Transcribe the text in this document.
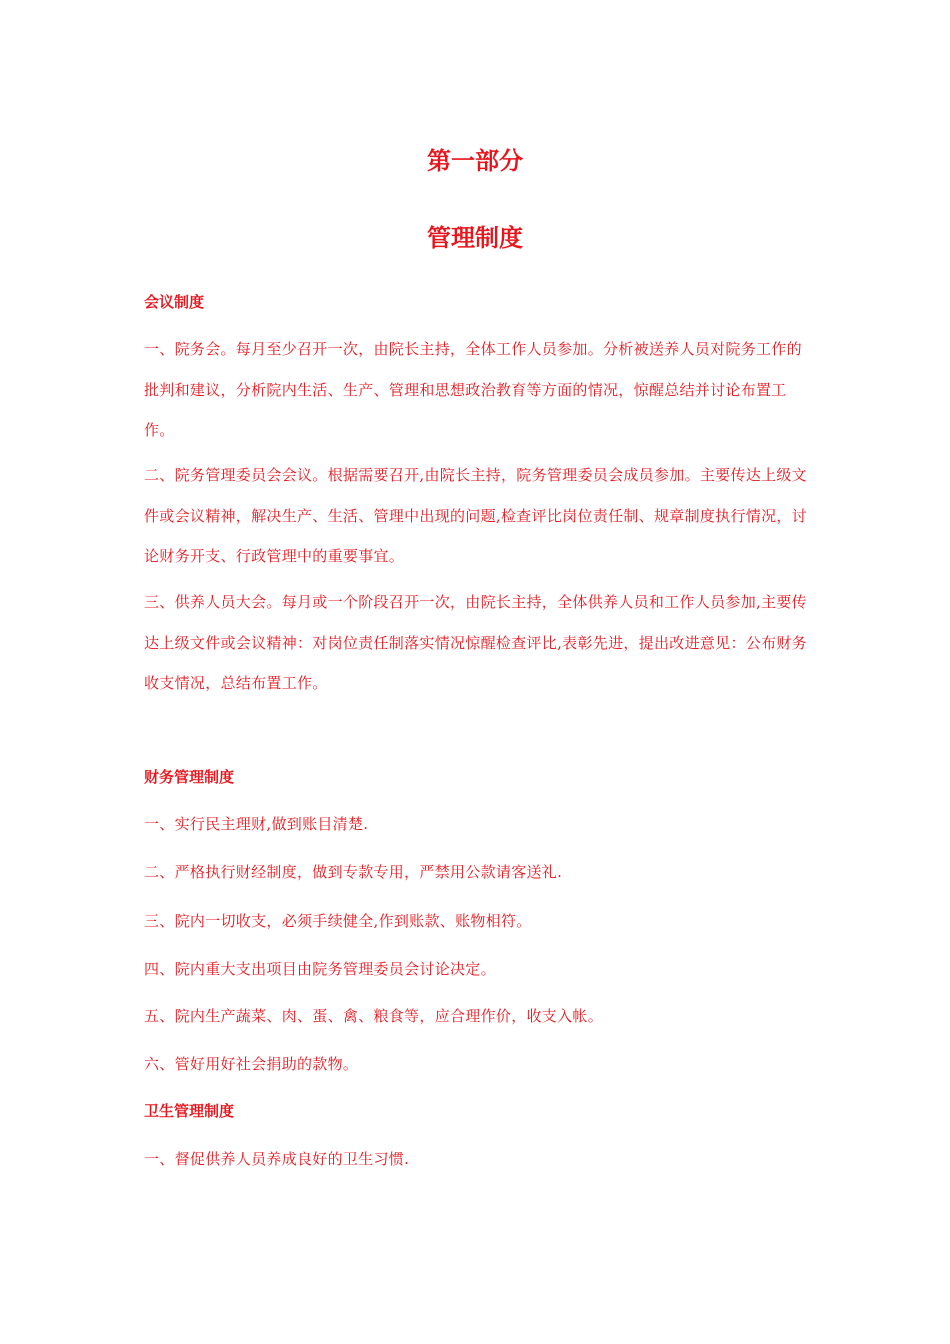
第一部分
管理制度
会议制度
一、院务会。每月至少召开一次，由院长主持，全体工作人员参加。分析被送养人员对院务工作的批判和建议，分析院内生活、生产、管理和思想政治教育等方面的情况，惊醒总结并讨论布置工作。
二、院务管理委员会会议。根据需要召开,由院长主持，院务管理委员会成员参加。主要传达上级文件或会议精神，解决生产、生活、管理中出现的问题,检查评比岗位责任制、规章制度执行情况，讨论财务开支、行政管理中的重要事宜。
三、供养人员大会。每月或一个阶段召开一次，由院长主持，全体供养人员和工作人员参加,主要传达上级文件或会议精神：对岗位责任制落实情况惊醒检查评比,表彰先进，提出改进意见：公布财务收支情况，总结布置工作。
财务管理制度
一、实行民主理财,做到账目清楚.
二、严格执行财经制度，做到专款专用，严禁用公款请客送礼.
三、院内一切收支，必须手续健全,作到账款、账物相符。
四、院内重大支出项目由院务管理委员会讨论决定。
五、院内生产蔬菜、肉、蛋、禽、粮食等，应合理作价，收支入帐。
六、管好用好社会捐助的款物。
卫生管理制度
一、督促供养人员养成良好的卫生习惯.
